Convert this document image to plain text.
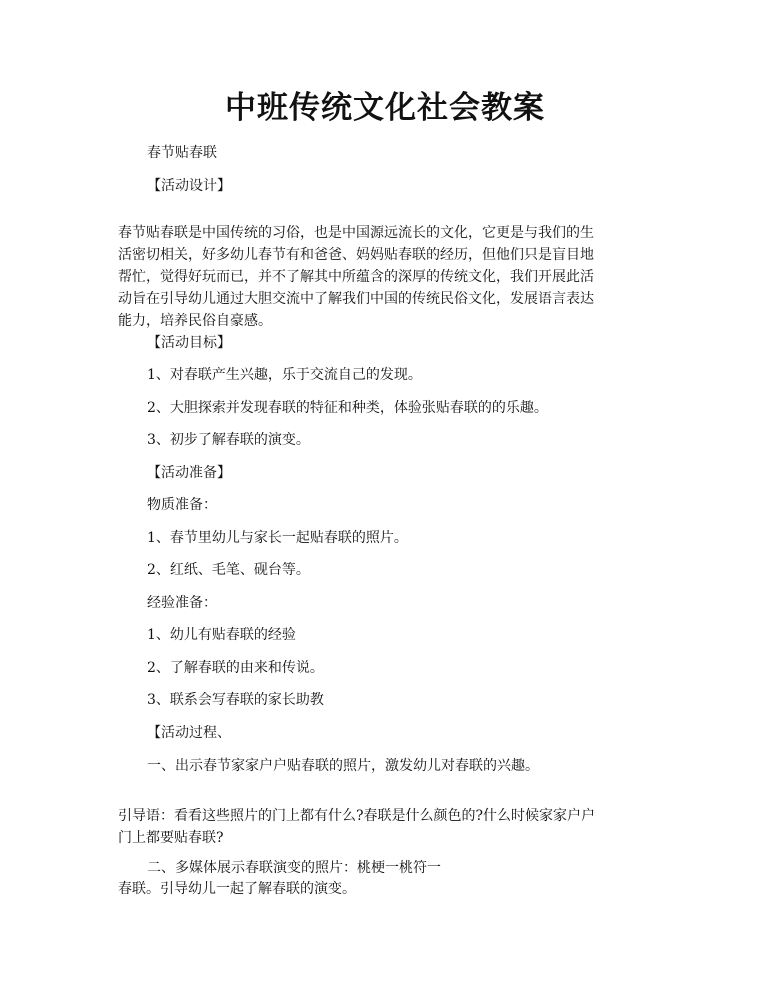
中班传统文化社会教案
春节贴春联
【活动设计】

春节贴春联是中国传统的习俗，也是中国源远流长的文化，它更是与我们的生

活密切相关，好多幼儿春节有和爸爸、妈妈贴春联的经历，但他们只是盲目地

帮忙，觉得好玩而已，并不了解其中所蕴含的深厚的传统文化，我们开展此活

动旨在引导幼儿通过大胆交流中了解我们中国的传统民俗文化，发展语言表达

能力，培养民俗自豪感。

【活动目标】
1、对春联产生兴趣，乐于交流自己的发现。
2、大胆探索并发现春联的特征和种类，体验张贴春联的的乐趣。
3、初步了解春联的演变。
【活动准备】
物质准备：
1、春节里幼儿与家长一起贴春联的照片。
2、红纸、毛笔、砚台等。
经验准备：
1、幼儿有贴春联的经验
2、了解春联的由来和传说。
3、联系会写春联的家长助教
【活动过程、
一、出示春节家家户户贴春联的照片，激发幼儿对春联的兴趣。

引导语：看看这些照片的门上都有什么?春联是什么颜色的?什么时候家家户户

门上都要贴春联?

二、多媒体展示春联演变的照片：桃梗一桃符一
春联。引导幼儿一起了解春联的演变。
